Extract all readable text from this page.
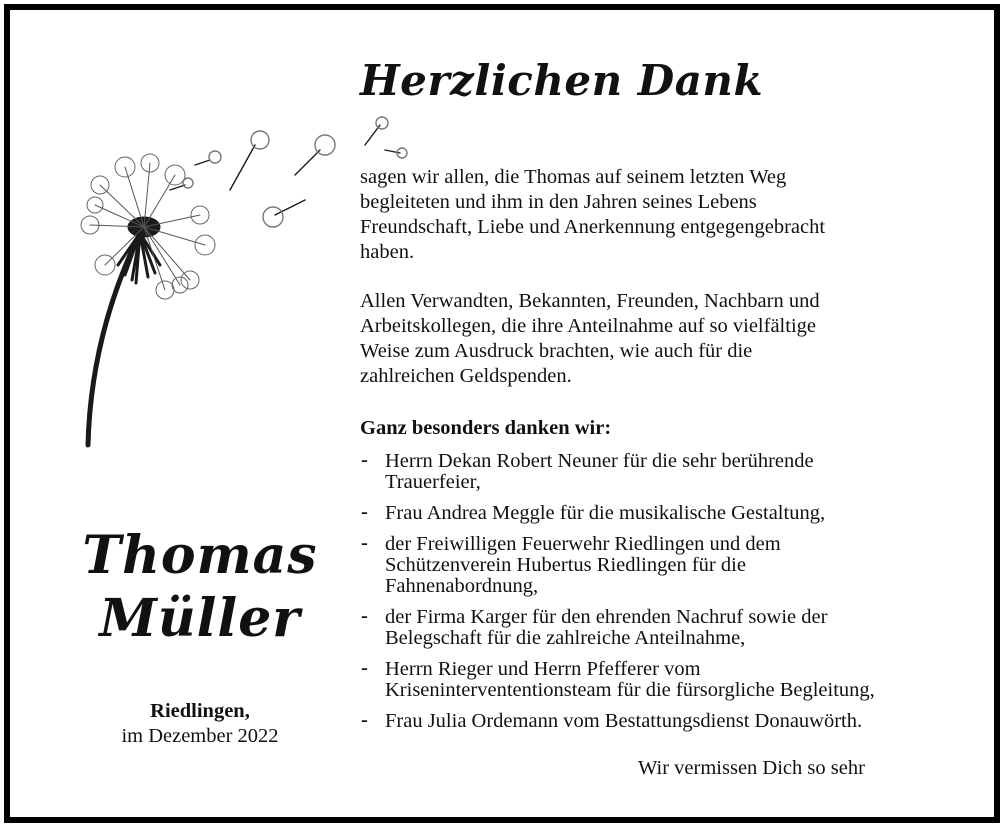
Herzlichen Dank

sagen wir allen, die Thomas auf seinem letzten Weg
begleiteten und ihm in den Jahren seines Lebens
Freundschaft, Liebe und Anerkennung entgegengebracht
haben.

Allen Verwandten, Bekannten, Freunden, Nachbarn und
Arbeitskollegen, die ihre Anteilnahme auf so vielfältige
Weise zum Ausdruck brachten, wie auch für die
zahlreichen Geldspenden.

Ganz besonders danken wir:
- Herrn Dekan Robert Neuner für die sehr berührende
Trauerfeier,
- Frau Andrea Meggle für die musikalische Gestaltung,
- der Freiwilligen Feuerwehr Riedlingen und dem
Schützenverein Hubertus Riedlingen für die
Fahnenabordnung,
- der Firma Karger für den ehrenden Nachruf sowie der
Belegschaft für die zahlreiche Anteilnahme,
- Herrn Rieger und Herrn Pfefferer vom
Krisenintervententionsteam für die fürsorgliche Begleitung,
- Frau Julia Ordemann vom Bestattungsdienst Donauwörth.
Wir vermissen Dich so sehr
Thomas
Müller
Riedlingen,
im Dezember 2022
